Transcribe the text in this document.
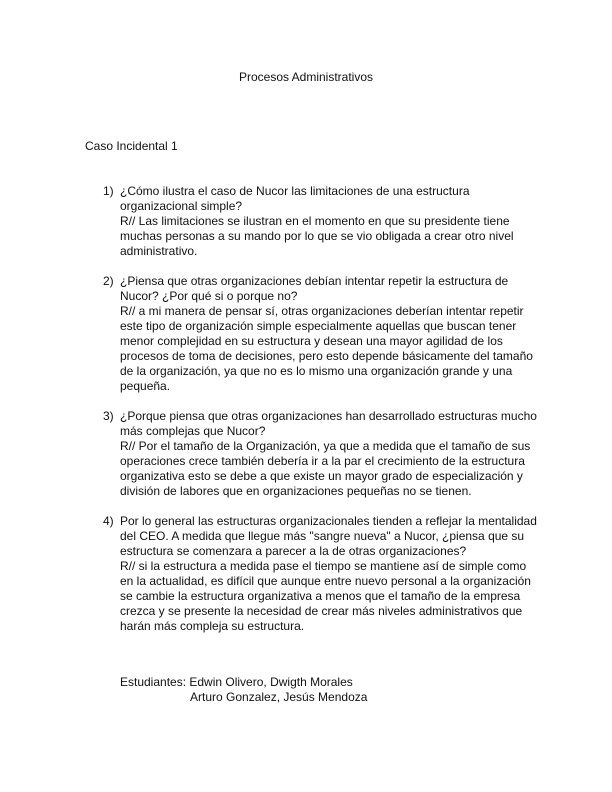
Procesos Administrativos
Caso Incidental 1
1) ¿Cómo ilustra el caso de Nucor las limitaciones de una estructura organizacional simple?
R// Las limitaciones se ilustran en el momento en que su presidente tiene muchas personas a su mando por lo que se vio obligada a crear otro nivel administrativo.
2) ¿Piensa que otras organizaciones debían intentar repetir la estructura de Nucor? ¿Por qué si o porque no?
R// a mi manera de pensar sí, otras organizaciones deberían intentar repetir este tipo de organización simple especialmente aquellas que buscan tener menor complejidad en su estructura y desean una mayor agilidad de los procesos de toma de decisiones, pero esto depende básicamente del tamaño de la organización, ya que no es lo mismo una organización grande y una pequeña.
3) ¿Porque piensa que otras organizaciones han desarrollado estructuras mucho más complejas que Nucor?
R// Por el tamaño de la Organización, ya que a medida que el tamaño de sus operaciones crece también debería ir a la par el crecimiento de la estructura organizativa esto se debe a que existe un mayor grado de especialización y división de labores que en organizaciones pequeñas no se tienen.
4) Por lo general las estructuras organizacionales tienden a reflejar la mentalidad del CEO. A medida que llegue más "sangre nueva" a Nucor, ¿piensa que su estructura se comenzara a parecer a la de otras organizaciones?
R// si la estructura a medida pase el tiempo se mantiene así de simple como en la actualidad, es difícil que aunque entre nuevo personal a la organización se cambie la estructura organizativa a menos que el tamaño de la empresa crezca y se presente la necesidad de crear más niveles administrativos que harán más compleja su estructura.
Estudiantes: Edwin Olivero, Dwigth Morales
Arturo Gonzalez, Jesús Mendoza
